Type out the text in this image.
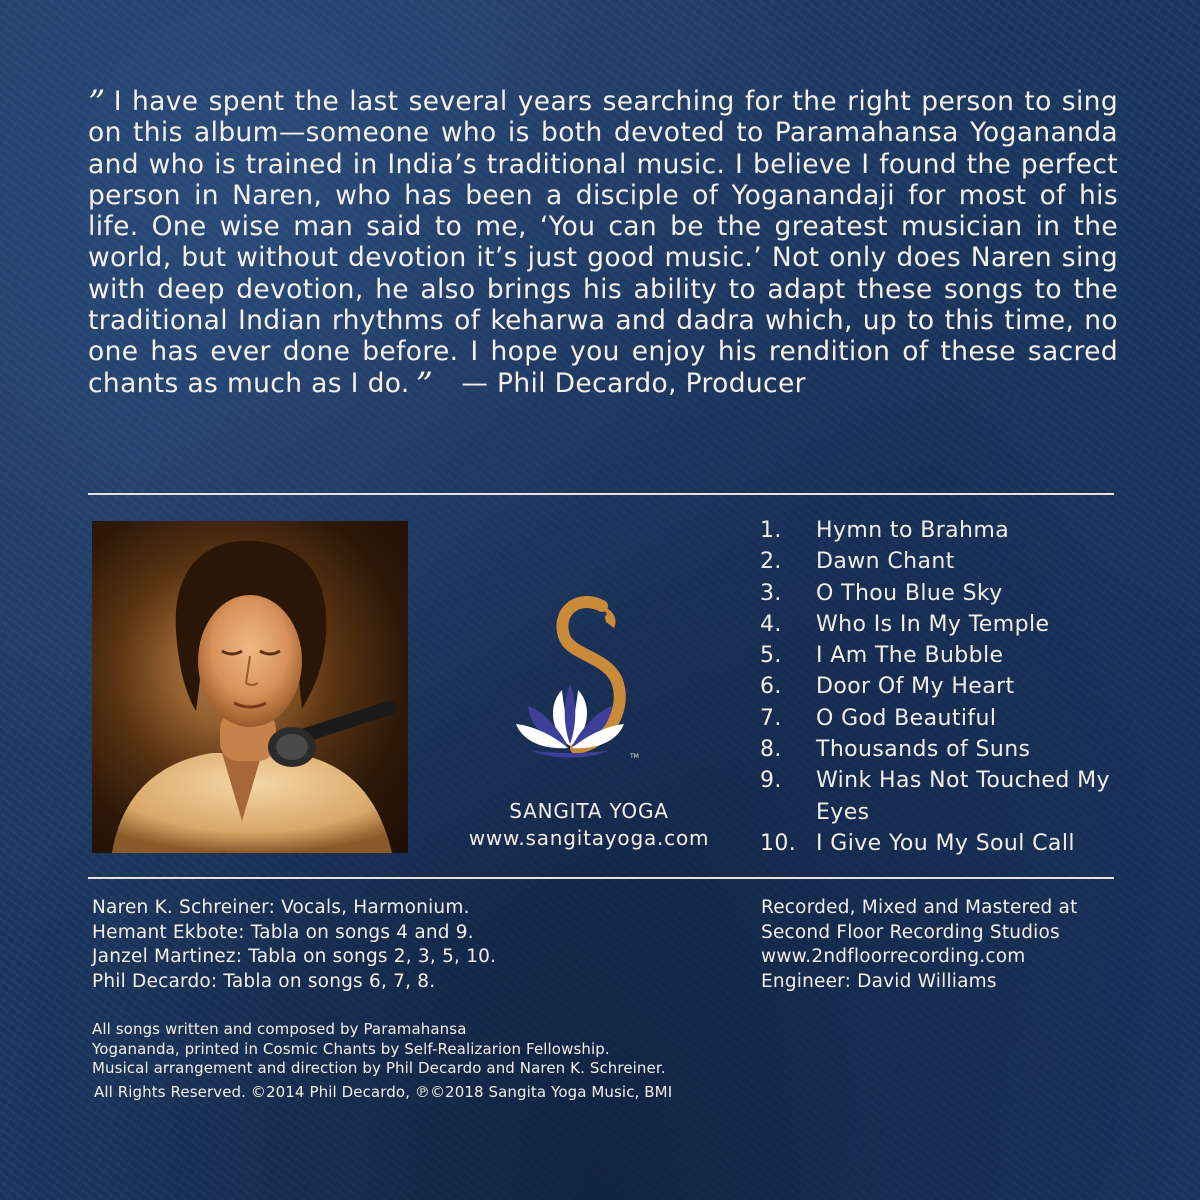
” I have spent the last several years searching for the right person to sing on this album—someone who is both devoted to Paramahansa Yogananda and who is trained in India’s traditional music. I believe I found the perfect person in Naren, who has been a disciple of Yoganandaji for most of his life. One wise man said to me, ‘You can be the greatest musician in the world, but without devotion it’s just good music.’ Not only does Naren sing with deep devotion, he also brings his ability to adapt these songs to the traditional Indian rhythms of keharwa and dadra which, up to this time, no one has ever done before. I hope you enjoy his rendition of these sacred chants as much as I do. ” — Phil Decardo, Producer
TM
SANGITA YOGA
www.sangitayoga.com
1.	Hymn to Brahma
2.	Dawn Chant
3.	O Thou Blue Sky
4.	Who Is In My Temple
5.	I Am The Bubble
6.	Door Of My Heart
7.	O God Beautiful
8.	Thousands of Suns
9.	Wink Has Not Touched My Eyes
10. I Give You My Soul Call
Naren K. Schreiner: Vocals, Harmonium.
Hemant Ekbote: Tabla on songs 4 and 9.
Janzel Martinez: Tabla on songs 2, 3, 5, 10.
Phil Decardo: Tabla on songs 6, 7, 8.
Recorded, Mixed and Mastered at
Second Floor Recording Studios
www.2ndfloorrecording.com
Engineer: David Williams
All songs written and composed by Paramahansa
Yogananda, printed in Cosmic Chants by Self-Realizarion Fellowship.
Musical arrangement and direction by Phil Decardo and Naren K. Schreiner.
All Rights Reserved. ©2014 Phil Decardo, ℗©2018 Sangita Yoga Music, BMI
